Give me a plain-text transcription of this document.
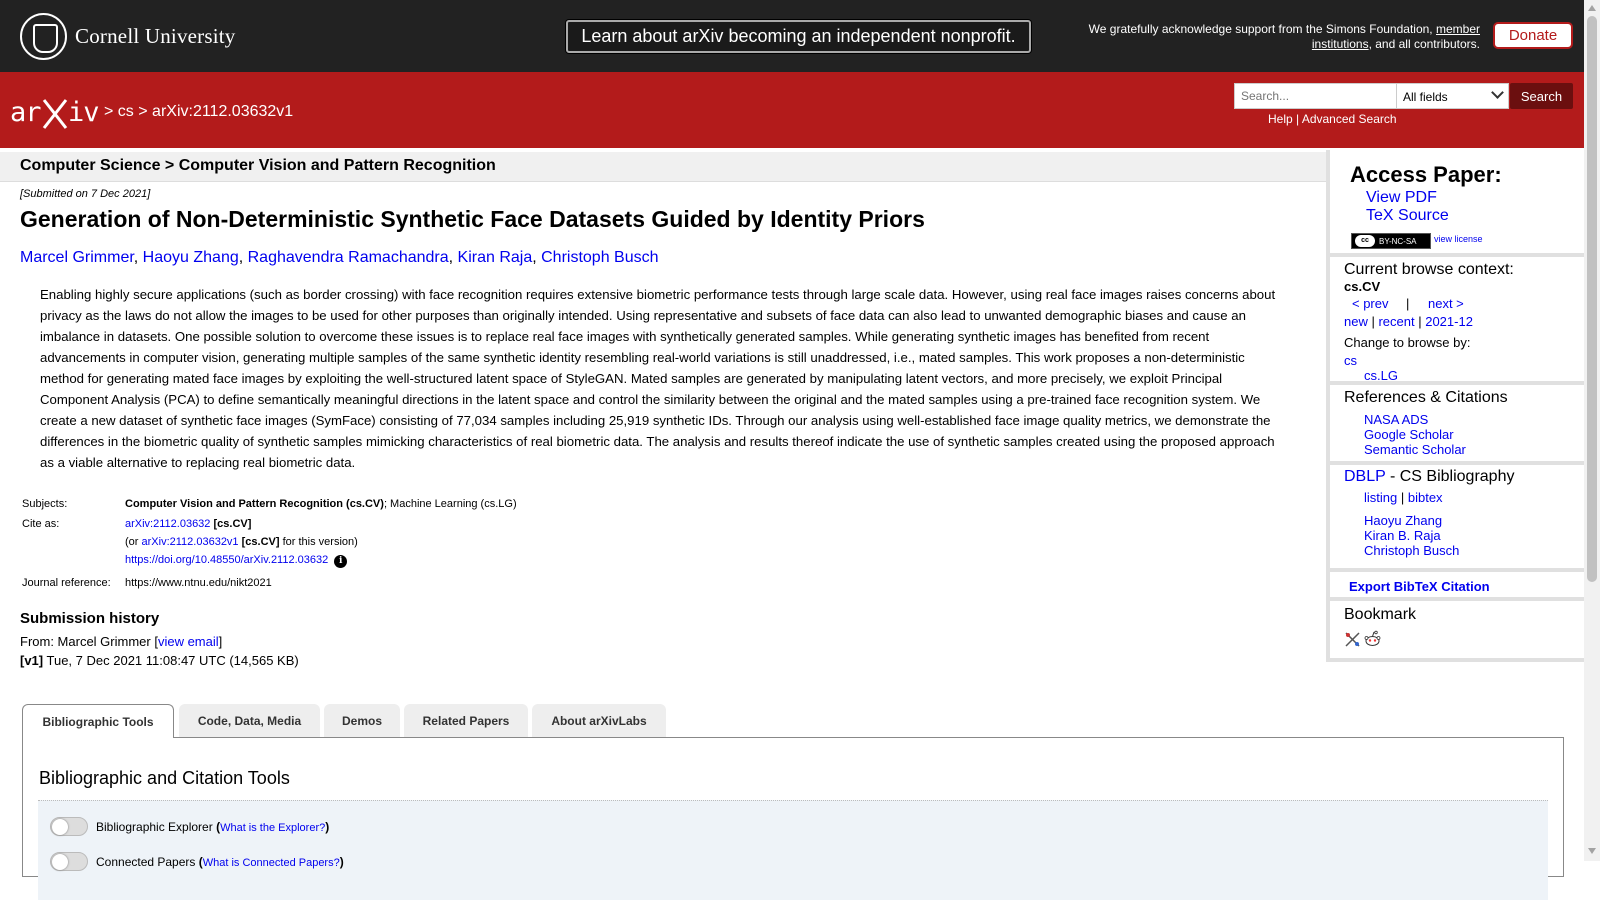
Cornell University	Learn about arXiv becoming an independent nonprofit.	We gratefully acknowledge support from the Simons Foundation, member institutions, and all contributors.	Donate
ar iv > cs > arXiv:2112.03632v1
Search...
All fields	Search
Help | Advanced Search
Computer Science > Computer Vision and Pattern Recognition
[Submitted on 7 Dec 2021]
Generation of Non-Deterministic Synthetic Face Datasets Guided by Identity Priors
Marcel Grimmer, Haoyu Zhang, Raghavendra Ramachandra, Kiran Raja, Christoph Busch
Enabling highly secure applications (such as border crossing) with face recognition requires extensive biometric performance tests through large scale data. However, using real face images raises concerns about privacy as the laws do not allow the images to be used for other purposes than originally intended. Using representative and subsets of face data can also lead to unwanted demographic biases and cause an imbalance in datasets. One possible solution to overcome these issues is to replace real face images with synthetically generated samples. While generating synthetic images has benefited from recent advancements in computer vision, generating multiple samples of the same synthetic identity resembling real-world variations is still unaddressed, i.e., mated samples. This work proposes a non-deterministic method for generating mated face images by exploiting the well-structured latent space of StyleGAN. Mated samples are generated by manipulating latent vectors, and more precisely, we exploit Principal Component Analysis (PCA) to define semantically meaningful directions in the latent space and control the similarity between the original and the mated samples using a pre-trained face recognition system. We create a new dataset of synthetic face images (SymFace) consisting of 77,034 samples including 25,919 synthetic IDs. Through our analysis using well-established face image quality metrics, we demonstrate the differences in the biometric quality of synthetic samples mimicking characteristics of real biometric data. The analysis and results thereof indicate the use of synthetic samples created using the proposed approach as a viable alternative to replacing real biometric data.
Subjects:	Computer Vision and Pattern Recognition (cs.CV); Machine Learning (cs.LG)
Cite as:	arXiv:2112.03632 [cs.CV]
(or arXiv:2112.03632v1 [cs.CV] for this version)
https://doi.org/10.48550/arXiv.2112.03632 i
Journal reference:	https://www.ntnu.edu/nikt2021
Submission history
From: Marcel Grimmer [view email]
[v1] Tue, 7 Dec 2021 11:08:47 UTC (14,565 KB)
Bibliographic Tools	Code, Data, Media	Demos	Related Papers	About arXivLabs
Bibliographic and Citation Tools
Bibliographic Explorer (What is the Explorer?)
Connected Papers (What is Connected Papers?)
Access Paper:
View PDF
TeX Source
cc	BY-NC-SA view license
Current browse context:
cs.CV
< prev | next >
new | recent | 2021-12
Change to browse by:
cs
cs.LG
References & Citations
NASA ADS
Google Scholar
Semantic Scholar
DBLP - CS Bibliography
listing | bibtex
Haoyu Zhang
Kiran B. Raja
Christoph Busch
Export BibTeX Citation
Bookmark
